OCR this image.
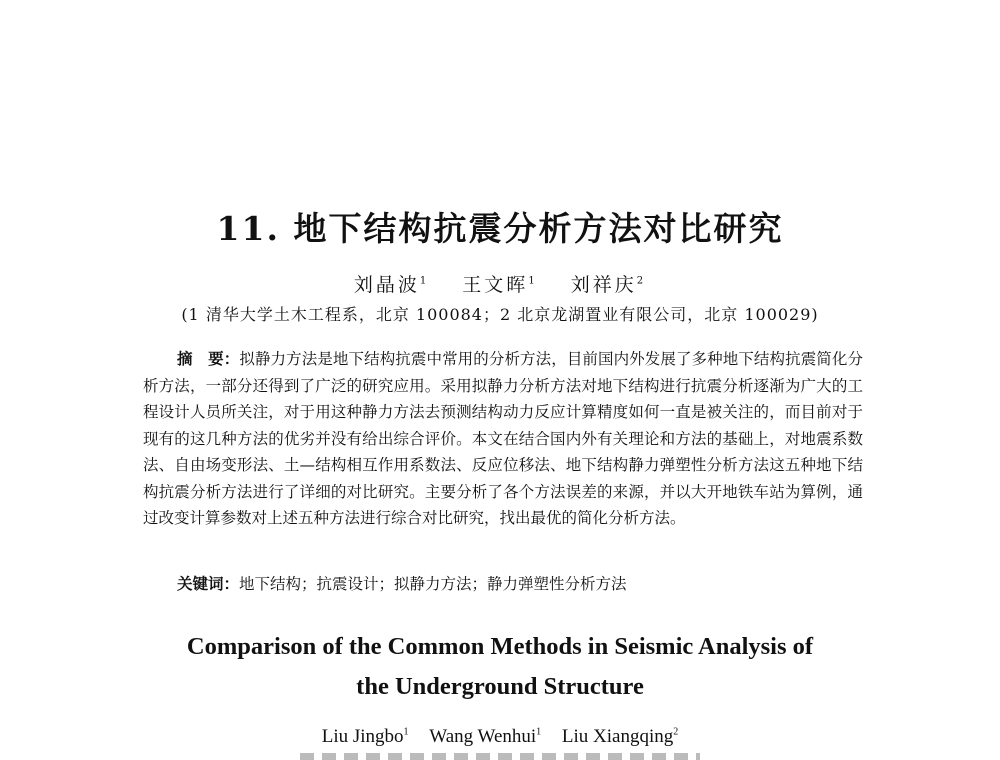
11. 地下结构抗震分析方法对比研究
刘晶波$^1$ 王文晖$^1$ 刘祥庆$^2$
(1 清华大学土木工程系，北京 100084；2 北京龙湖置业有限公司，北京 100029)
摘　要：拟静力方法是地下结构抗震中常用的分析方法，目前国内外发展了多种地下结构抗震简化分析方法，一部分还得到了广泛的研究应用。采用拟静力分析方法对地下结构进行抗震分析逐渐为广大的工程设计人员所关注，对于用这种静力方法去预测结构动力反应计算精度如何一直是被关注的，而目前对于现有的这几种方法的优劣并没有给出综合评价。本文在结合国内外有关理论和方法的基础上，对地震系数法、自由场变形法、土—结构相互作用系数法、反应位移法、地下结构静力弹塑性分析方法这五种地下结构抗震分析方法进行了详细的对比研究。主要分析了各个方法误差的来源，并以大开地铁车站为算例，通过改变计算参数对上述五种方法进行综合对比研究，找出最优的简化分析方法。
关键词：地下结构；抗震设计；拟静力方法；静力弹塑性分析方法
Comparison of the Common Methods in Seismic Analysis of
the Underground Structure
Liu Jingbo$^1$ Wang Wenhui$^1$ Liu Xiangqing$^2$
